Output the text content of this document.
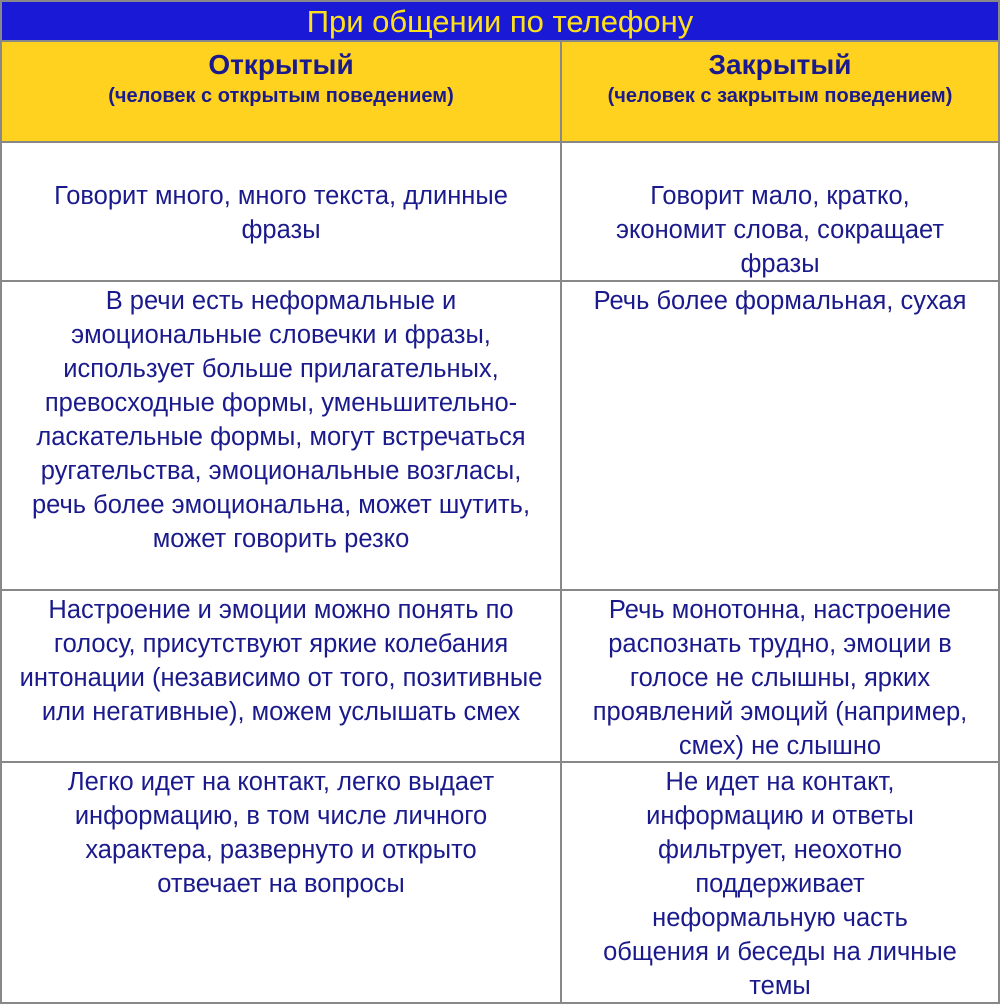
При общении по телефону
Открытый
(человек с открытым поведением)
Закрытый
(человек с закрытым поведением)
Говорит много, много текста, длинные фразы
Говорит мало, кратко, экономит слова, сокращает фразы
В речи есть неформальные и эмоциональные словечки и фразы, использует больше прилагательных, превосходные формы, уменьшительно-ласкательные формы, могут встречаться ругательства, эмоциональные возгласы, речь более эмоциональна, может шутить, может говорить резко
Речь более формальная, сухая
Настроение и эмоции можно понять по голосу, присутствуют яркие колебания интонации (независимо от того, позитивные или негативные), можем услышать смех
Речь монотонна, настроение распознать трудно, эмоции в голосе не слышны, ярких проявлений эмоций (например, смех) не слышно
Легко идет на контакт, легко выдает информацию, в том числе личного характера, развернуто и открыто отвечает на вопросы
Не идет на контакт, информацию и ответы фильтрует, неохотно поддерживает неформальную часть общения и беседы на личные темы
